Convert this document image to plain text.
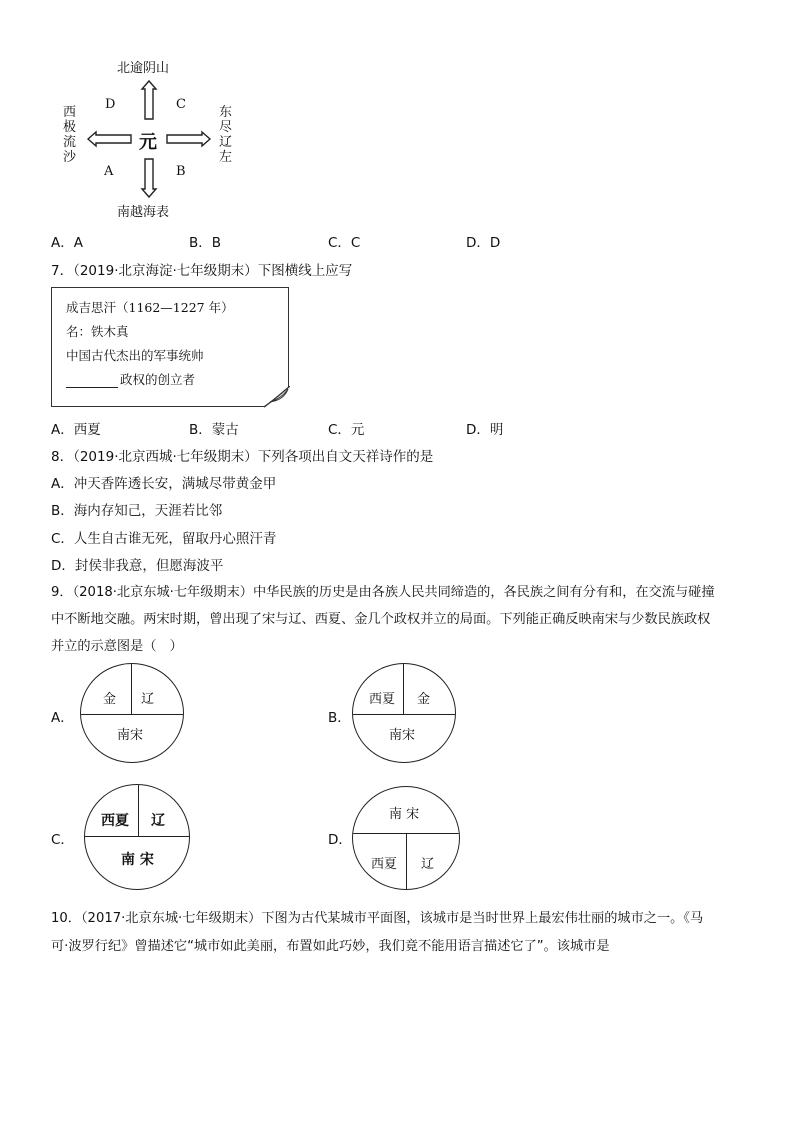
北逾阴山
南越海表
元
西极流沙
东尽辽左
D	C
A	B
A．A	B．B	C．C	D．D
7．（2019·北京海淀·七年级期末）下图横线上应写
成吉思汗（1162—1227 年）
名：铁木真
中国古代杰出的军事统帅
政权的创立者
A．西夏	B．蒙古	C．元	D．明
8．（2019·北京西城·七年级期末）下列各项出自文天祥诗作的是
A．冲天香阵透长安，满城尽带黄金甲
B．海内存知己，天涯若比邻
C．人生自古谁无死，留取丹心照汗青
D．封侯非我意，但愿海波平
9．（2018·北京东城·七年级期末）中华民族的历史是由各族人民共同缔造的，各民族之间有分有和，在交流与碰撞
中不断地交融。两宋时期，曾出现了宋与辽、西夏、金几个政权并立的局面。下列能正确反映南宋与少数民族政权
并立的示意图是（　）
A．
金 辽
南宋
B．
西夏 金
南宋
C．
西夏 辽
南 宋
D．
南 宋
西夏 辽
10．（2017·北京东城·七年级期末）下图为古代某城市平面图，该城市是当时世界上最宏伟壮丽的城市之一。《马
可·波罗行纪》曾描述它“城市如此美丽，布置如此巧妙，我们竟不能用语言描述它了”。该城市是
